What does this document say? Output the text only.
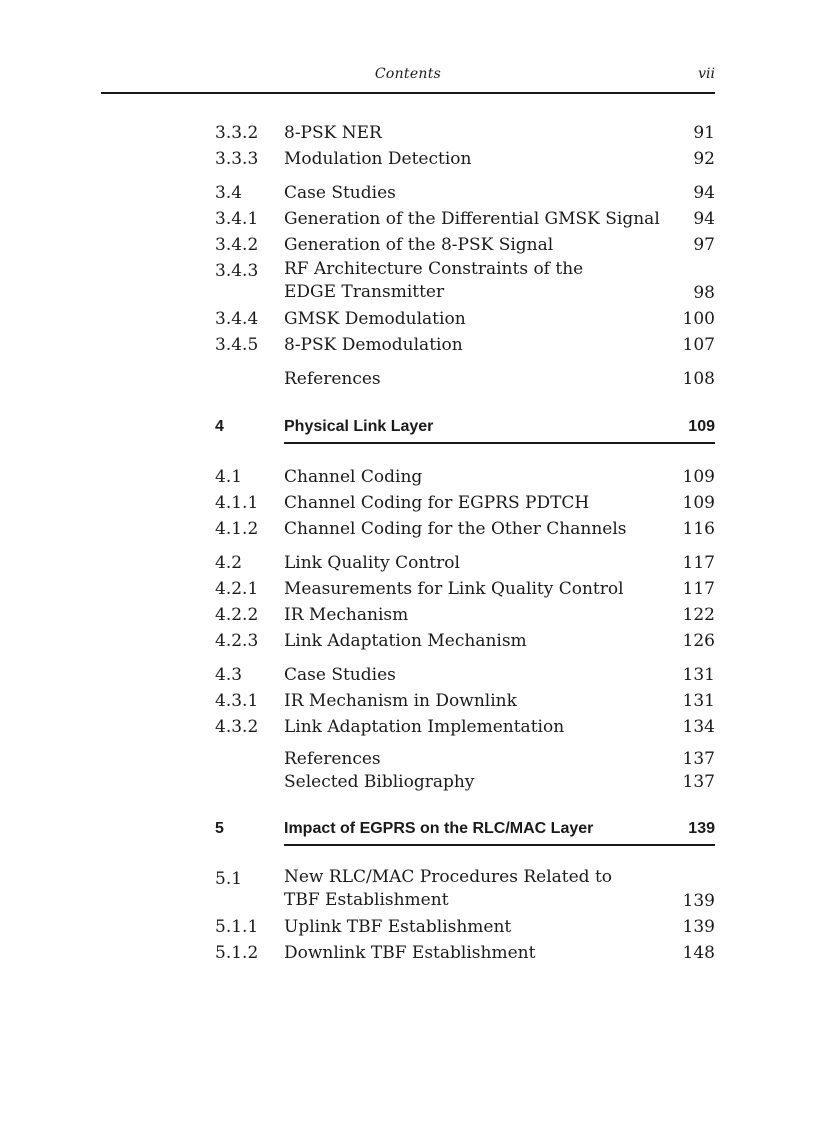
Contents	vii
3.3.2 8-PSK NER	91
3.3.3 Modulation Detection	92
3.4 Case Studies	94
3.4.1 Generation of the Differential GMSK Signal 94
3.4.2 Generation of the 8-PSK Signal	97
3.4.3 RF Architecture Constraints of the
EDGE Transmitter	98
3.4.4 GMSK Demodulation	100
3.4.5 8-PSK Demodulation	107
References	108
4	Physical Link Layer	109
4.1 Channel Coding	109
4.1.1 Channel Coding for EGPRS PDTCH	109
4.1.2 Channel Coding for the Other Channels	116
4.2 Link Quality Control	117
4.2.1 Measurements for Link Quality Control	117
4.2.2 IR Mechanism	122
4.2.3 Link Adaptation Mechanism	126
4.3 Case Studies	131
4.3.1 IR Mechanism in Downlink	131
4.3.2 Link Adaptation Implementation	134
References	137
Selected Bibliography	137
5	Impact of EGPRS on the RLC/MAC Layer	139
5.1 New RLC/MAC Procedures Related to
TBF Establishment	139
5.1.1 Uplink TBF Establishment	139
5.1.2 Downlink TBF Establishment	148
